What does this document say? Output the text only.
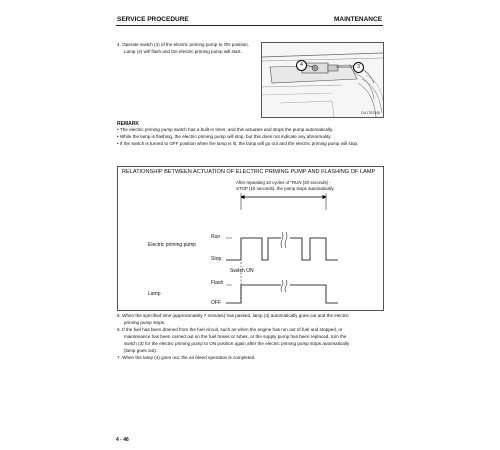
SERVICE PROCEDURE	MAINTENANCE
4. Operate switch (3) of the electric priming pump to ON position.
Lamp (4) will flash and the electric priming pump will start.
4	3
DU1T02345
REMARK
• The electric priming pump switch has a built-in timer, and this actuates and stops the pump automatically.
• While the lamp is flashing, the electric priming pump will stop, but this does not indicate any abnormality.
• If the switch is turned to OFF position when the lamp is lit, the lamp will go out and the electric priming pump will stop.
RELATIONSHIP BETWEEN ACTUATION OF ELECTRIC PRIMING PUMP AND FLASHING OF LAMP
After repeating 10 cycles of "RUN (30 seconds) -
STOP (10 seconds), the pump stops automatically.
Electric priming pump
Run
Stop
Switch ON
Lamp
Flash
OFF
5. When the specified time (approximately 7 minutes) has passed, lamp (4) automatically goes out and the electric
priming pump stops.
6. If the fuel has been drained from the fuel circuit, such as when the engine has run out of fuel and stopped, or
maintenance has been carried out on the fuel hoses or tubes, or the supply pump has been replaced, turn the
switch (3) for the electric priming pump to ON position again after the electric priming pump stops automatically
(lamp goes out).
7. When the lamp (4) goes out, the air bleed operation is completed.
4 - 46
